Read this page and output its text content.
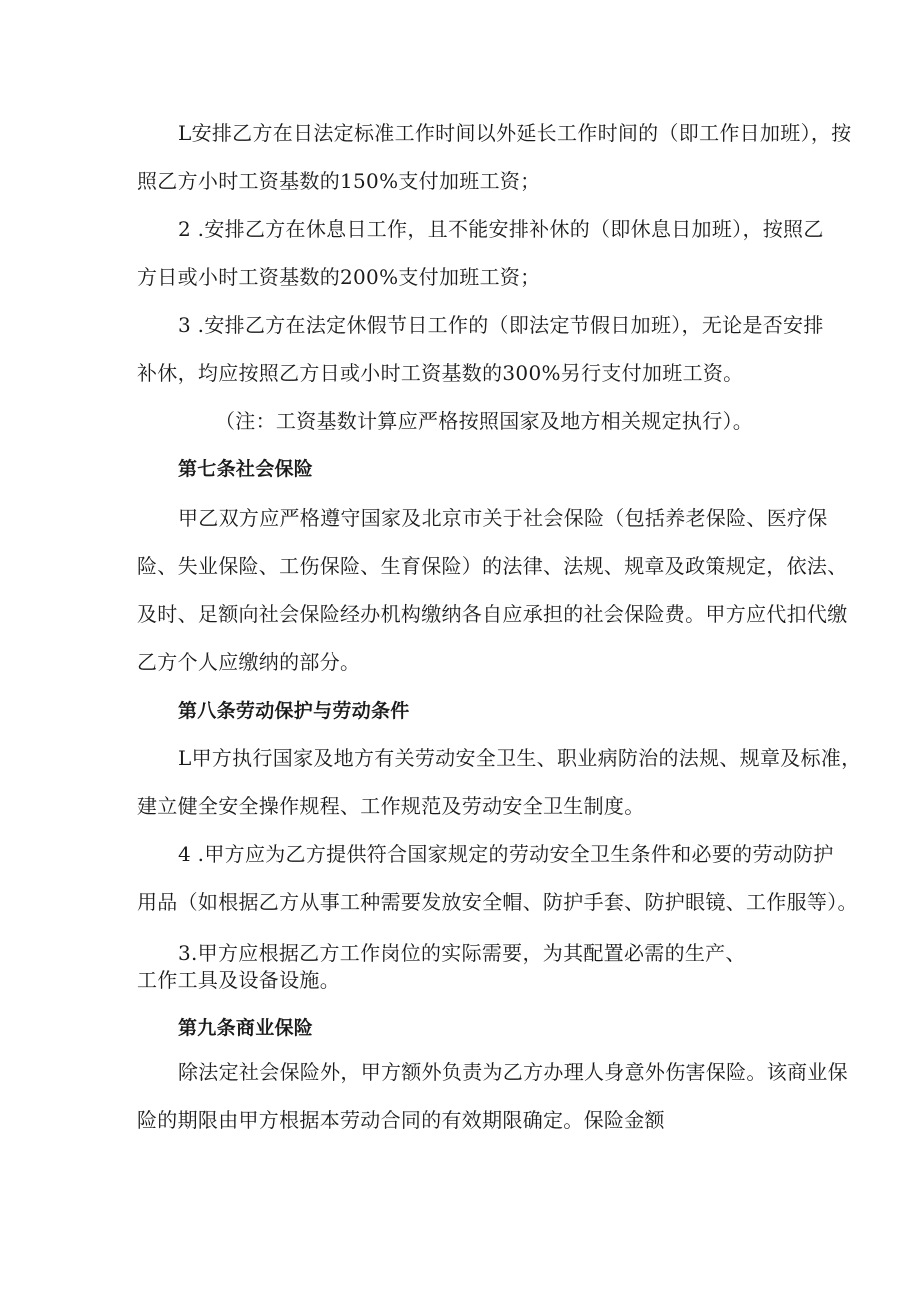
L安排乙方在日法定标准工作时间以外延长工作时间的（即工作日加班），按

照乙方小时工资基数的150%支付加班工资；

2 .安排乙方在休息日工作，且不能安排补休的（即休息日加班），按照乙

方日或小时工资基数的200%支付加班工资；

3 .安排乙方在法定休假节日工作的（即法定节假日加班），无论是否安排

补休，均应按照乙方日或小时工资基数的300%另行支付加班工资。

（注：工资基数计算应严格按照国家及地方相关规定执行）。

第七条社会保险

甲乙双方应严格遵守国家及北京市关于社会保险（包括养老保险、医疗保

险、失业保险、工伤保险、生育保险）的法律、法规、规章及政策规定，依法、

及时、足额向社会保险经办机构缴纳各自应承担的社会保险费。甲方应代扣代缴

乙方个人应缴纳的部分。

第八条劳动保护与劳动条件

L甲方执行国家及地方有关劳动安全卫生、职业病防治的法规、规章及标准，

建立健全安全操作规程、工作规范及劳动安全卫生制度。

4 .甲方应为乙方提供符合国家规定的劳动安全卫生条件和必要的劳动防护

用品（如根据乙方从事工种需要发放安全帽、防护手套、防护眼镜、工作服等）。

3.甲方应根据乙方工作岗位的实际需要，为其配置必需的生产、

工作工具及设备设施。

第九条商业保险

除法定社会保险外，甲方额外负责为乙方办理人身意外伤害保险。该商业保

险的期限由甲方根据本劳动合同的有效期限确定。保险金额
